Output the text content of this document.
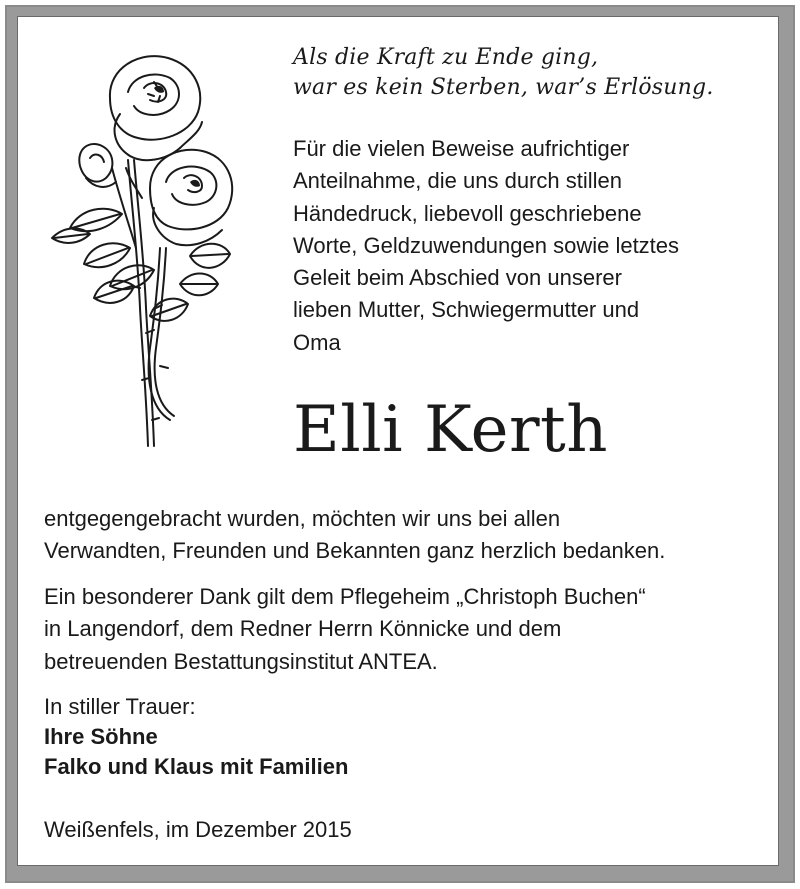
Als die Kraft zu Ende ging,
war es kein Sterben, war’s Erlösung.
Für die vielen Beweise aufrichtiger
Anteilnahme, die uns durch stillen
Händedruck, liebevoll geschriebene
Worte, Geldzuwendungen sowie letztes
Geleit beim Abschied von unserer
lieben Mutter, Schwiegermutter und
Oma
Elli Kerth
entgegengebracht wurden, möchten wir uns bei allen
Verwandten, Freunden und Bekannten ganz herzlich bedanken.
Ein besonderer Dank gilt dem Pflegeheim „Christoph Buchen“
in Langendorf, dem Redner Herrn Könnicke und dem
betreuenden Bestattungsinstitut ANTEA.
In stiller Trauer:
Ihre Söhne
Falko und Klaus mit Familien
Weißenfels, im Dezember 2015
